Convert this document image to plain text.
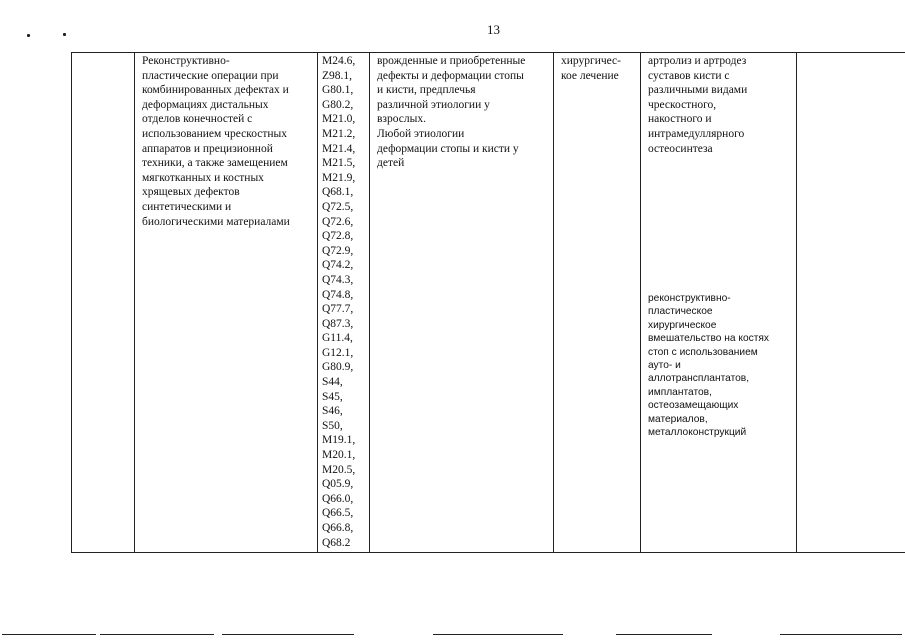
13
Реконструктивно-
пластические операции при
комбинированных дефектах и
деформациях дистальных
отделов конечностей с
использованием чрескостных
аппаратов и прецизионной
техники, а также замещением
мягкотканных и костных
хрящевых дефектов
синтетическими и
биологическими материалами
M24.6,
Z98.1,
G80.1,
G80.2,
M21.0,
M21.2,
M21.4,
M21.5,
M21.9,
Q68.1,
Q72.5,
Q72.6,
Q72.8,
Q72.9,
Q74.2,
Q74.3,
Q74.8,
Q77.7,
Q87.3,
G11.4,
G12.1,
G80.9,
S44,
S45,
S46,
S50,
M19.1,
M20.1,
M20.5,
Q05.9,
Q66.0,
Q66.5,
Q66.8,
Q68.2
врожденные и приобретенные
дефекты и деформации стопы
и кисти, предплечья
различной этиологии у
взрослых.
Любой этиологии
деформации стопы и кисти у
детей
хирургичес-
кое лечение
артролиз и артродез
суставов кисти с
различными видами
чрескостного,
накостного и
интрамедуллярного
остеосинтеза
реконструктивно-
пластическое
хирургическое
вмешательство на костях
стоп с использованием
ауто- и
аллотрансплантатов,
имплантатов,
остеозамещающих
материалов,
металлоконструкций
